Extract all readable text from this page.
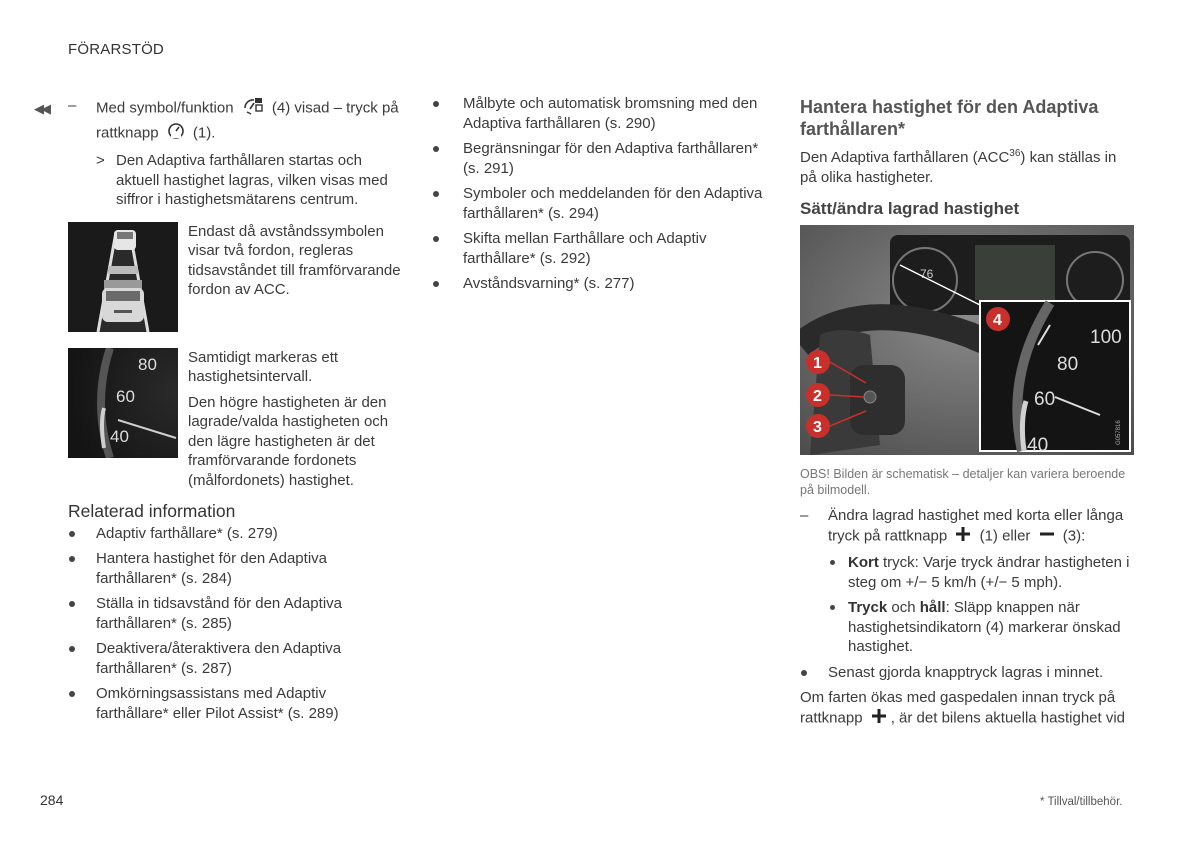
FÖRARSTÖD
◀◀ – Med symbol/funktion	(4) visad – tryck på rattknapp (1).
> Den Adaptiva farthållaren startas och aktuell hastighet lagras, vilken visas med siffror i hastighetsmätarens centrum.

Endast då avståndssymbolen visar två fordon, regleras tidsavståndet till framförvarande fordon av ACC.

80
60
40

Samtidigt markeras ett hastighetsintervall.

Den högre hastigheten är den lagrade/valda hastigheten och den lägre hastigheten är det framförvarande fordonets (målfordonets) hastighet.

Relaterad information
Adaptiv farthållare* (s. 279)
Hantera hastighet för den Adaptiva farthållaren* (s. 284)
Ställa in tidsavstånd för den Adaptiva farthållaren* (s. 285)
Deaktivera/återaktivera den Adaptiva farthållaren* (s. 287)
Omkörningsassistans med Adaptiv farthållare* eller Pilot Assist* (s. 289)
Målbyte och automatisk bromsning med den Adaptiva farthållaren (s. 290)
Begränsningar för den Adaptiva farthållaren* (s. 291)
Symboler och meddelanden för den Adaptiva farthållaren* (s. 294)
Skifta mellan Farthållare och Adaptiv farthållare* (s. 292)
Avståndsvarning* (s. 277)
Hantera hastighet för den Adaptiva farthållaren*

Den Adaptiva farthållaren (ACC$^{36}$) kan ställas in på olika hastigheter.

Sätt/ändra lagrad hastighet
76
1
2
3
100
80
60
40
4
G057816

OBS! Bilden är schematisk – detaljer kan variera beroende på bilmodell.

– Ändra lagrad hastighet med korta eller långa tryck på rattknapp (1) eller (3):
Kort tryck: Varje tryck ändrar hastigheten i steg om +/− 5 km/h (+/− 5 mph).
Tryck och håll: Släpp knappen när hastighetsindikatorn (4) markerar önskad hastighet.
Senast gjorda knapptryck lagras i minnet.

Om farten ökas med gaspedalen innan tryck på rattknapp , är det bilens aktuella hastighet vid

284	* Tillval/tillbehör.
